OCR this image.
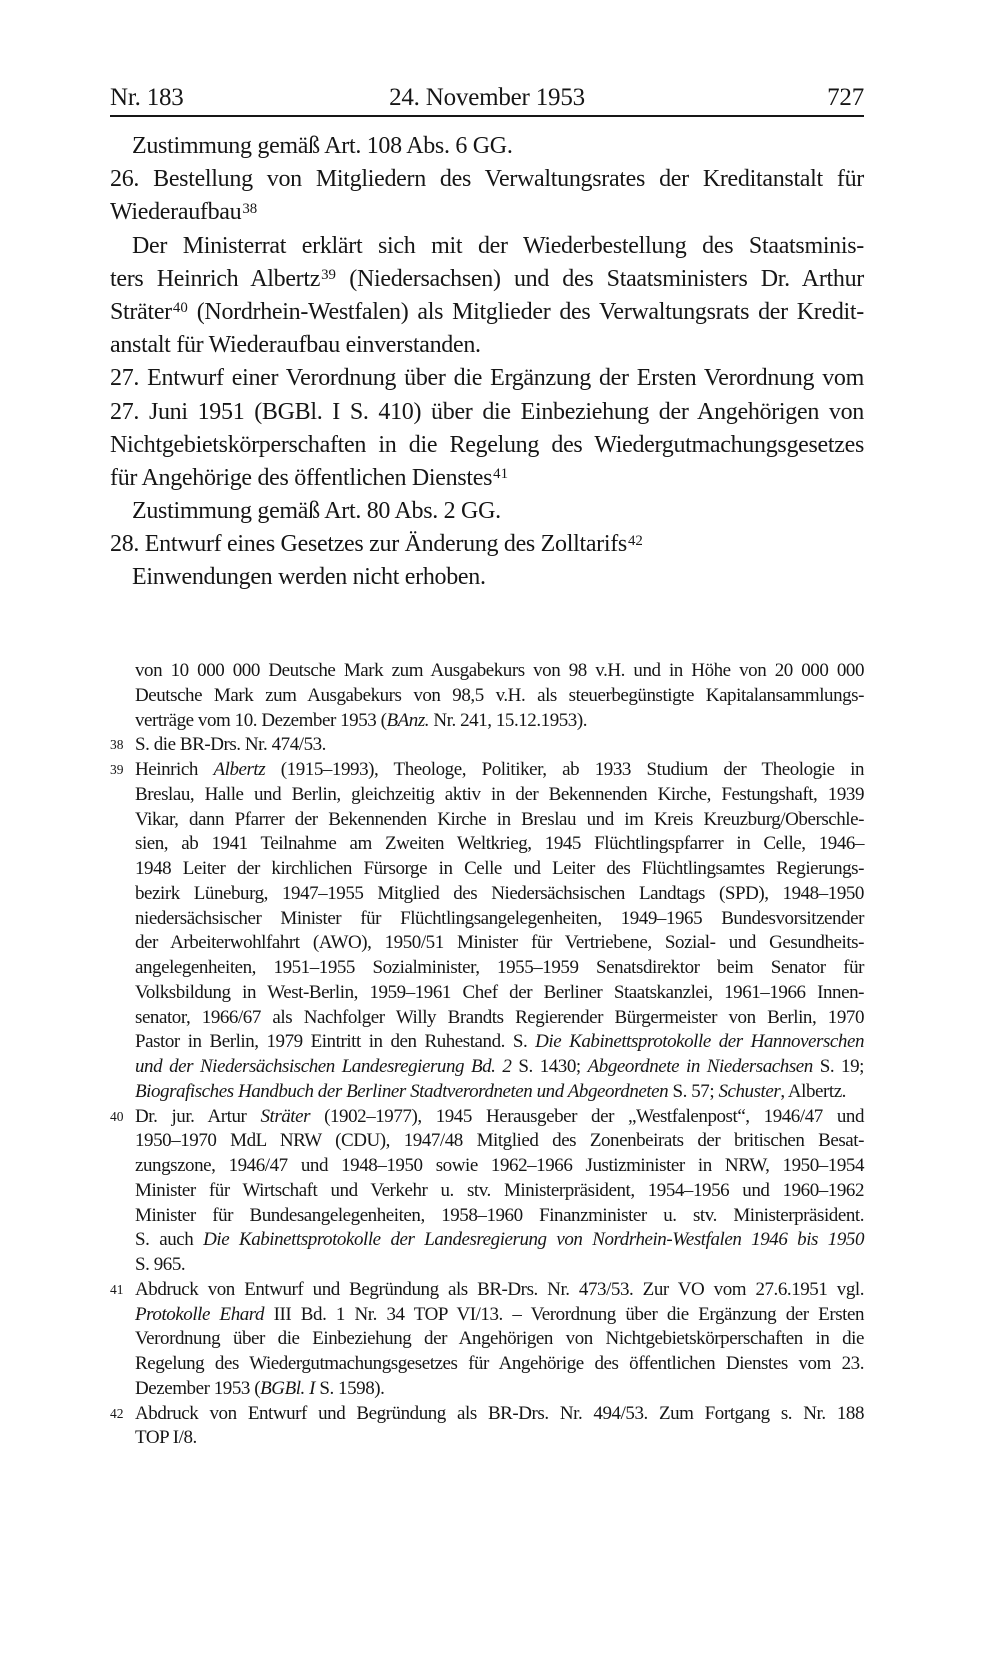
Nr. 183	24. November 1953	727
Zustimmung gemäß Art. 108 Abs. 6 GG.
26. Bestellung von Mitgliedern des Verwaltungsrates der Kreditanstalt für
Wiederaufbau$^{38}$
Der Ministerrat erklärt sich mit der Wiederbestellung des Staatsminis-
ters Heinrich Albertz$^{39}$ (Niedersachsen) und des Staatsministers Dr. Arthur
Sträter$^{40}$ (Nordrhein-Westfalen) als Mitglieder des Verwaltungsrats der Kredit-
anstalt für Wiederaufbau einverstanden.
27. Entwurf einer Verordnung über die Ergänzung der Ersten Verordnung vom
27. Juni 1951 (BGBl. I S. 410) über die Einbeziehung der Angehörigen von
Nichtgebietskörperschaften in die Regelung des Wiedergutmachungsgesetzes
für Angehörige des öffentlichen Dienstes$^{41}$
Zustimmung gemäß Art. 80 Abs. 2 GG.
28. Entwurf eines Gesetzes zur Änderung des Zolltarifs$^{42}$
Einwendungen werden nicht erhoben.
von 10 000 000 Deutsche Mark zum Ausgabekurs von 98 v.H. und in Höhe von 20 000 000
Deutsche Mark zum Ausgabekurs von 98,5 v.H. als steuerbegünstigte Kapitalansammlungs-
verträge vom 10. Dezember 1953 (BAnz. Nr. 241, 15.12.1953).
38 S. die BR-Drs. Nr. 474/53.
39 Heinrich Albertz (1915–1993), Theologe, Politiker, ab 1933 Studium der Theologie in
Breslau, Halle und Berlin, gleichzeitig aktiv in der Bekennenden Kirche, Festungshaft, 1939
Vikar, dann Pfarrer der Bekennenden Kirche in Breslau und im Kreis Kreuzburg/Oberschle-
sien, ab 1941 Teilnahme am Zweiten Weltkrieg, 1945 Flüchtlingspfarrer in Celle, 1946–
1948 Leiter der kirchlichen Fürsorge in Celle und Leiter des Flüchtlingsamtes Regierungs-
bezirk Lüneburg, 1947–1955 Mitglied des Niedersächsischen Landtags (SPD), 1948–1950
niedersächsischer Minister für Flüchtlingsangelegenheiten, 1949–1965 Bundesvorsitzender
der Arbeiterwohlfahrt (AWO), 1950/51 Minister für Vertriebene, Sozial- und Gesundheits-
angelegenheiten, 1951–1955 Sozialminister, 1955–1959 Senatsdirektor beim Senator für
Volksbildung in West-Berlin, 1959–1961 Chef der Berliner Staatskanzlei, 1961–1966 Innen-
senator, 1966/67 als Nachfolger Willy Brandts Regierender Bürgermeister von Berlin, 1970
Pastor in Berlin, 1979 Eintritt in den Ruhestand. S. Die Kabinettsprotokolle der Hannoverschen
und der Niedersächsischen Landesregierung Bd. 2 S. 1430; Abgeordnete in Niedersachsen S. 19;
Biografisches Handbuch der Berliner Stadtverordneten und Abgeordneten S. 57; Schuster, Albertz.
40 Dr. jur. Artur Sträter (1902–1977), 1945 Herausgeber der „Westfalenpost“, 1946/47 und
1950–1970 MdL NRW (CDU), 1947/48 Mitglied des Zonenbeirats der britischen Besat-
zungszone, 1946/47 und 1948–1950 sowie 1962–1966 Justizminister in NRW, 1950–1954
Minister für Wirtschaft und Verkehr u. stv. Ministerpräsident, 1954–1956 und 1960–1962
Minister für Bundesangelegenheiten, 1958–1960 Finanzminister u. stv. Ministerpräsident.
S. auch Die Kabinettsprotokolle der Landesregierung von Nordrhein-Westfalen 1946 bis 1950
S. 965.
41 Abdruck von Entwurf und Begründung als BR-Drs. Nr. 473/53. Zur VO vom 27.6.1951 vgl.
Protokolle Ehard III Bd. 1 Nr. 34 TOP VI/13. – Verordnung über die Ergänzung der Ersten
Verordnung über die Einbeziehung der Angehörigen von Nichtgebietskörperschaften in die
Regelung des Wiedergutmachungsgesetzes für Angehörige des öffentlichen Dienstes vom 23.
Dezember 1953 (BGBl. I S. 1598).
42 Abdruck von Entwurf und Begründung als BR-Drs. Nr. 494/53. Zum Fortgang s. Nr. 188
TOP I/8.
